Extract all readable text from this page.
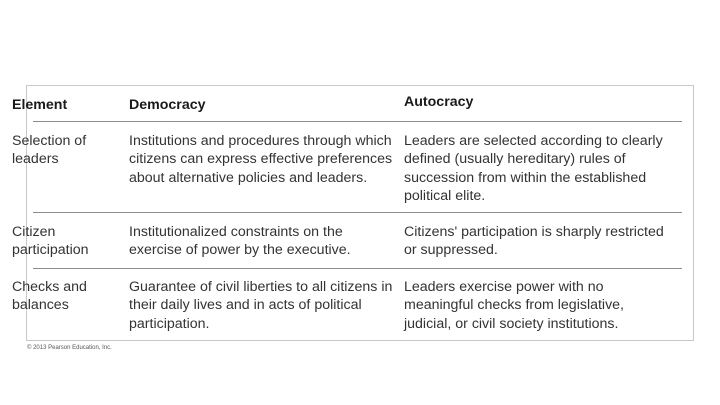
Element	Democracy	Autocracy
Selection of leaders
Institutions and procedures through which citizens can express effective preferences about alternative policies and leaders.
Leaders are selected according to clearly defined (usually hereditary) rules of succession from within the established political elite.
Citizen participation
Institutionalized constraints on the exercise of power by the executive.
Citizens' participation is sharply restricted or suppressed.
Checks and balances
Guarantee of civil liberties to all citizens in their daily lives and in acts of political participation.
Leaders exercise power with no meaningful checks from legislative, judicial, or civil society institutions.
© 2013 Pearson Education, Inc.
